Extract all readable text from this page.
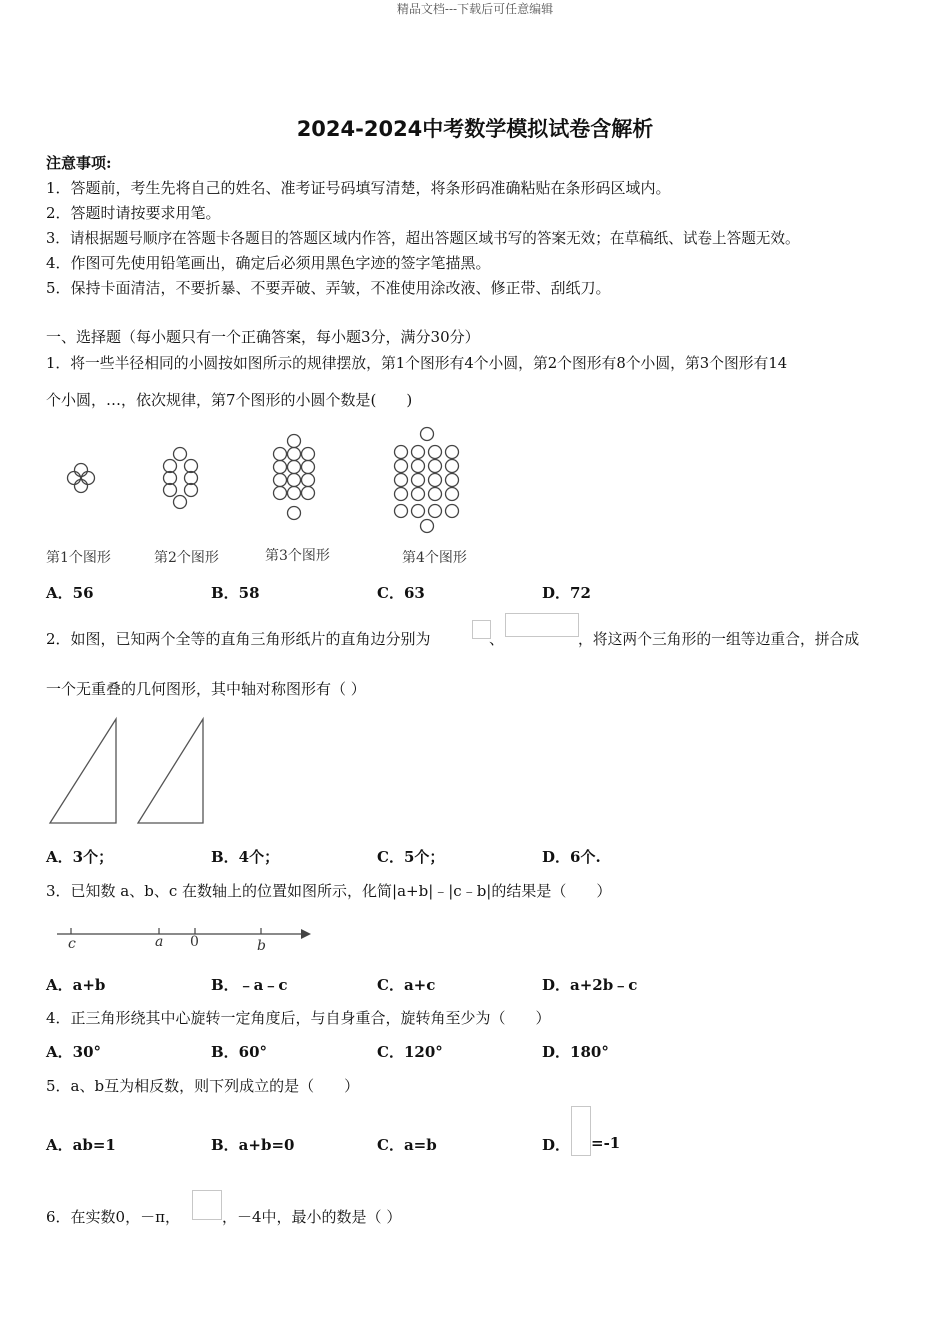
精品文档---下载后可任意编辑
2024-2024中考数学模拟试卷含解析
注意事项:
1．答题前，考生先将自己的姓名、准考证号码填写清楚，将条形码准确粘贴在条形码区域内。
2．答题时请按要求用笔。
3．请根据题号顺序在答题卡各题目的答题区域内作答，超出答题区域书写的答案无效；在草稿纸、试卷上答题无效。
4．作图可先使用铅笔画出，确定后必须用黑色字迹的签字笔描黑。
5．保持卡面清洁，不要折暴、不要弄破、弄皱，不准使用涂改液、修正带、刮纸刀。
一、选择题（每小题只有一个正确答案，每小题3分，满分30分）
1．将一些半径相同的小圆按如图所示的规律摆放，第1个图形有4个小圆，第2个图形有8个小圆，第3个图形有14
个小圆，…，依次规律，第7个图形的小圆个数是(　　)
第1个图形	第2个图形	第3个图形	第4个图形
A．56	B．58	C．63	D．72
2．如图，已知两个全等的直角三角形纸片的直角边分别为	、	，将这两个三角形的一组等边重合，拼合成
一个无重叠的几何图形，其中轴对称图形有（ ）
A．3个；	B．4个；	C．5个；	D．6个.
3．已知数 a、b、c 在数轴上的位置如图所示，化简|a+b|﹣|c﹣b|的结果是（　　）
c	a 0	b
A．a+b	B．﹣a﹣c	C．a+c	D．a+2b﹣c
4．正三角形绕其中心旋转一定角度后，与自身重合，旋转角至少为（　　）
A．30°	B．60°	C．120°	D．180°
5．a、b互为相反数，则下列成立的是（　　）
A．ab=1	B．a+b=0	C．a=b	D． =-1
6．在实数0，－π，	，－4中，最小的数是（ ）
